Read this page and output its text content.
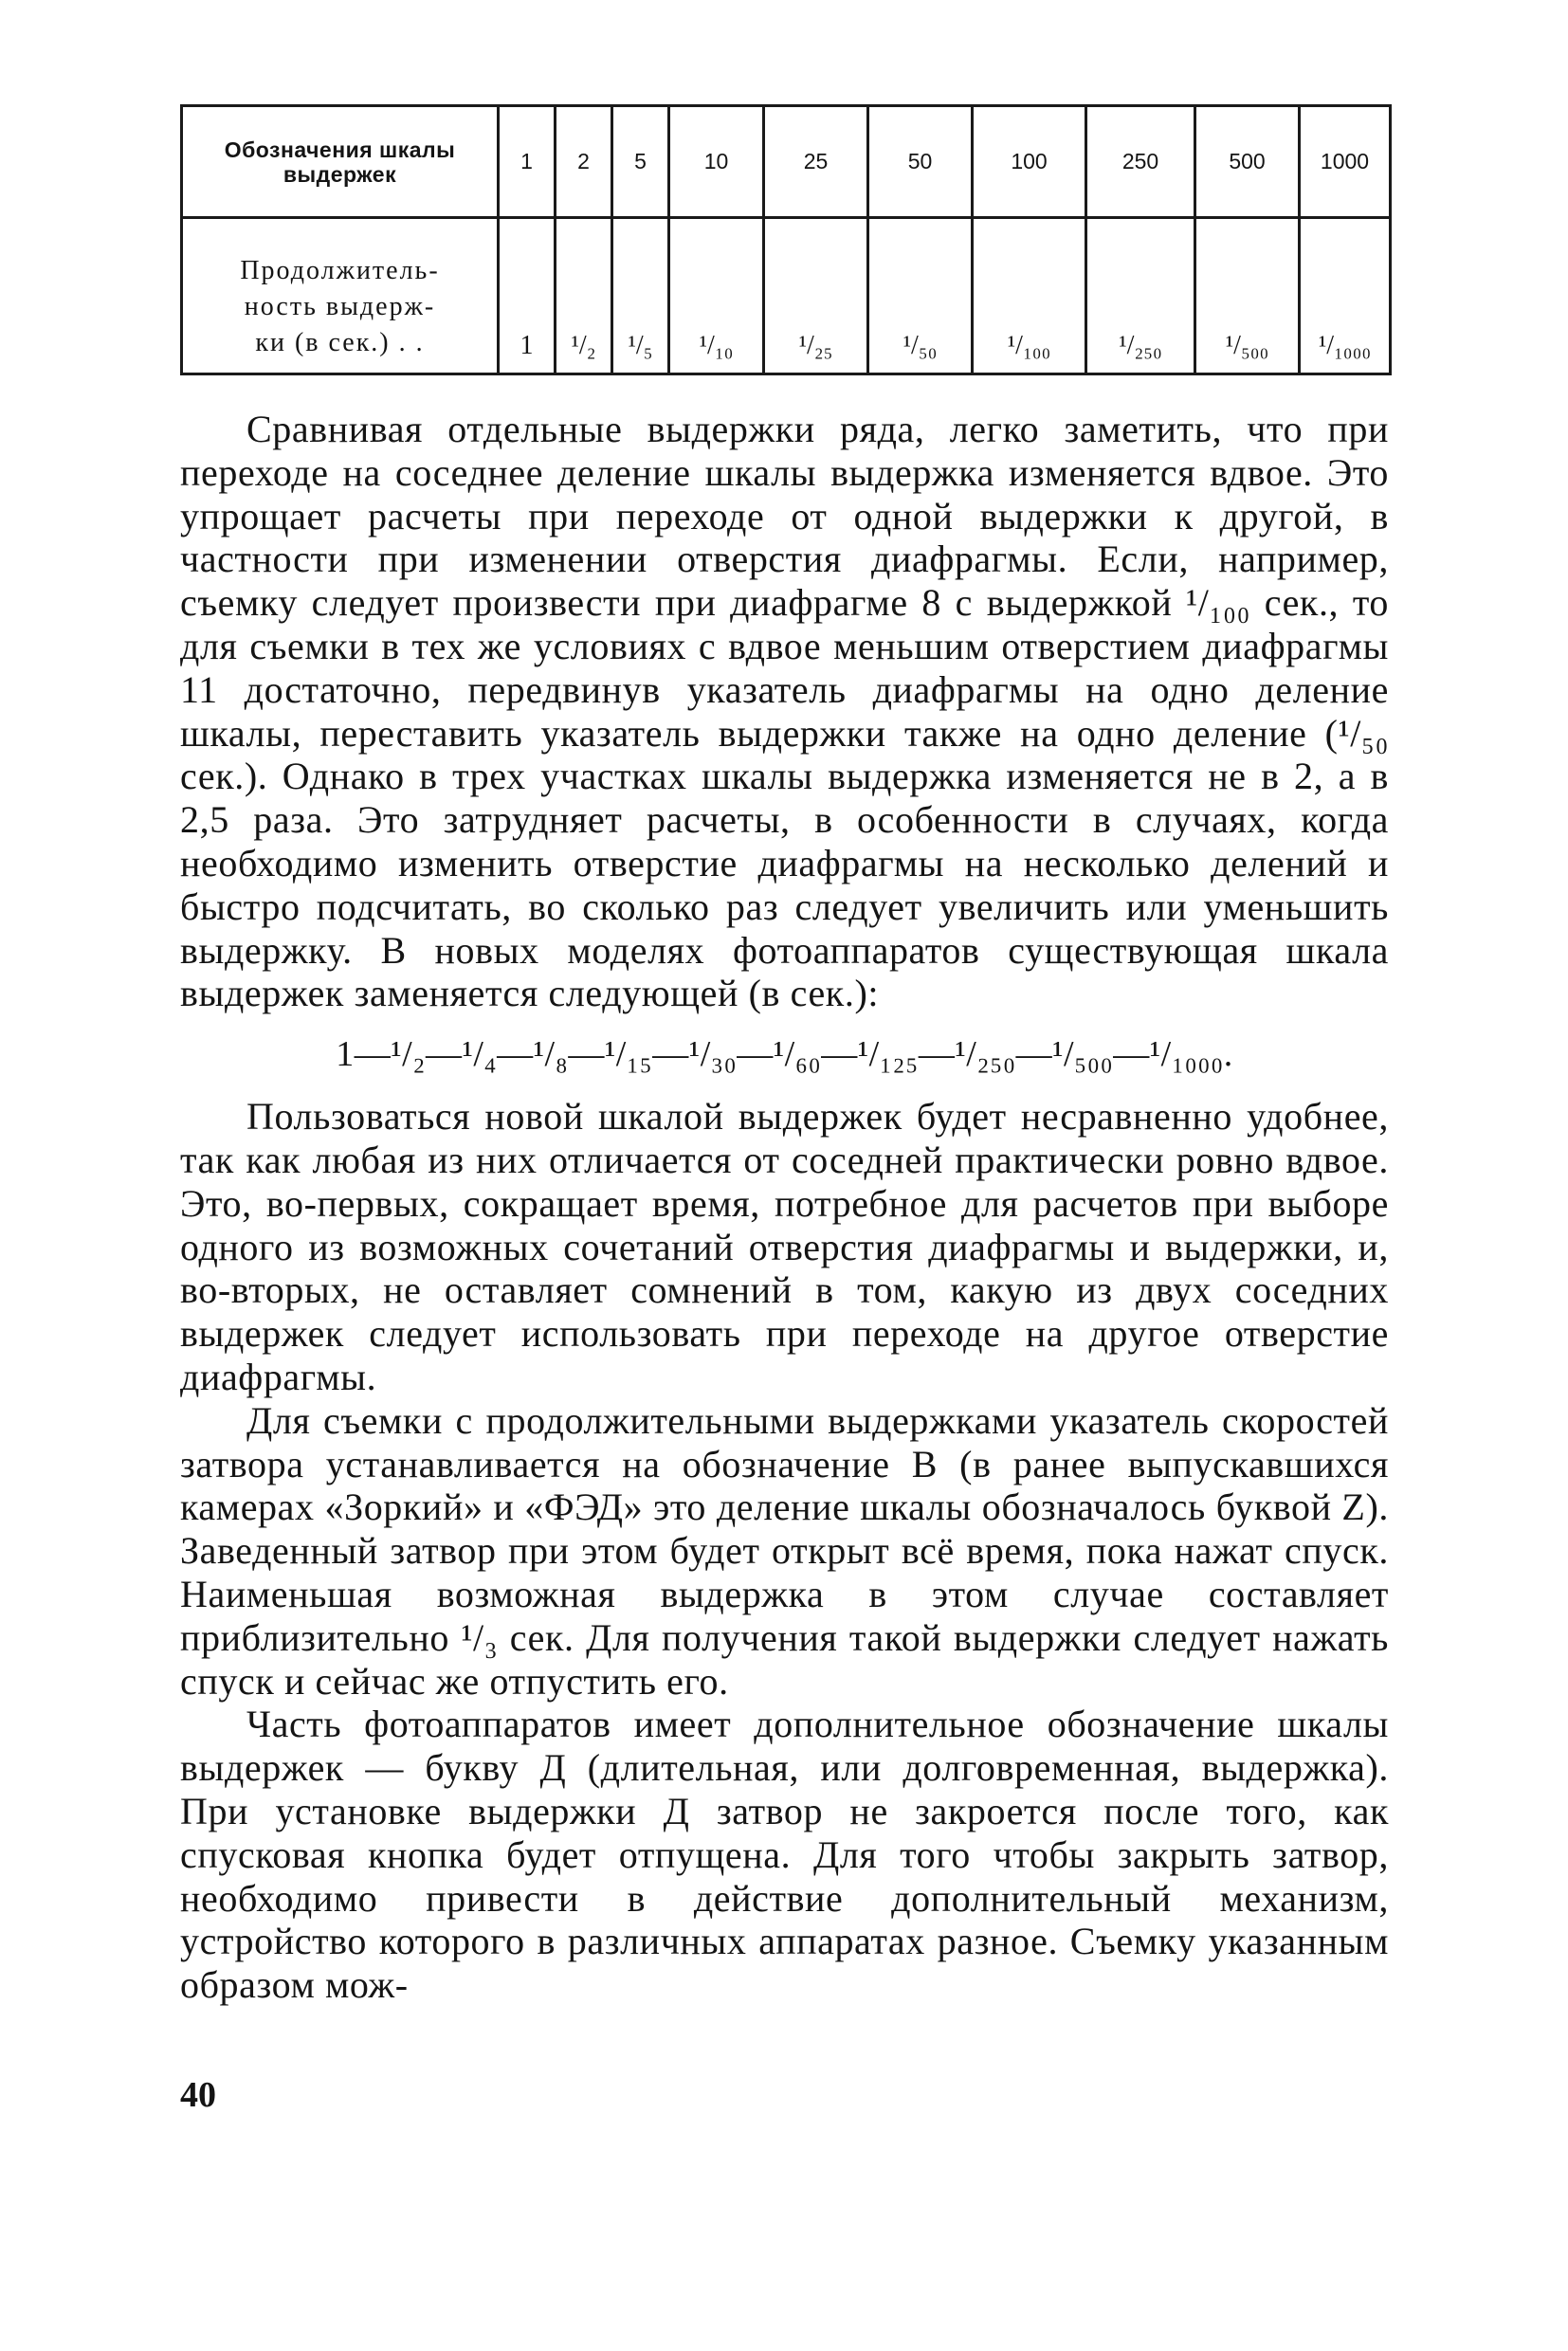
Обозначения шкалы выдержек	1	2	5	10	25	50	100	250	500	1000

Продолжитель-
ность выдерж-
ки (в сек.) . .	1	¹/₂	¹/₅	¹/₁₀	¹/₂₅	¹/₅₀	¹/₁₀₀	¹/₂₅₀	¹/₅₀₀	¹/₁₀₀₀

Сравнивая отдельные выдержки ряда, легко заметить, что при переходе на соседнее деление шкалы выдержка изменяется вдвое. Это упрощает расчеты при переходе от одной выдержки к другой, в частности при изменении отверстия диафрагмы. Если, например, съемку следует произвести при диафрагме 8 с выдержкой ¹/₁₀₀ сек., то для съемки в тех же условиях с вдвое меньшим отверстием диафрагмы 11 достаточно, передвинув указатель диафрагмы на одно деление шкалы, переставить указатель выдержки также на одно деление (¹/₅₀ сек.). Однако в трех участках шкалы выдержка изменяется не в 2, а в 2,5 раза. Это затрудняет расчеты, в особенности в случаях, когда необходимо изменить отверстие диафрагмы на несколько делений и быстро подсчитать, во сколько раз следует увеличить или уменьшить выдержку. В новых моделях фотоаппаратов существующая шкала выдержек заменяется следующей (в сек.):

1—¹/₂—¹/₄—¹/₈—¹/₁₅—¹/₃₀—¹/₆₀—¹/₁₂₅—¹/₂₅₀—¹/₅₀₀—¹/₁₀₀₀.

Пользоваться новой шкалой выдержек будет несравненно удобнее, так как любая из них отличается от соседней практически ровно вдвое. Это, во-первых, сокращает время, потребное для расчетов при выборе одного из возможных сочетаний отверстия диафрагмы и выдержки, и, во-вторых, не оставляет сомнений в том, какую из двух соседних выдержек следует использовать при переходе на другое отверстие диафрагмы.

Для съемки с продолжительными выдержками указатель скоростей затвора устанавливается на обозначение B (в ранее выпускавшихся камерах «Зоркий» и «ФЭД» это деление шкалы обозначалось буквой Z). Заведенный затвор при этом будет открыт всё время, пока нажат спуск. Наименьшая возможная выдержка в этом случае составляет приблизительно ¹/₃ сек. Для получения такой выдержки следует нажать спуск и сейчас же отпустить его.

Часть фотоаппаратов имеет дополнительное обозначение шкалы выдержек — букву Д (длительная, или долговременная, выдержка). При установке выдержки Д затвор не закроется после того, как спусковая кнопка будет отпущена. Для того чтобы закрыть затвор, необходимо привести в действие дополнительный механизм, устройство которого в различных аппаратах разное. Съемку указанным образом мож-

40
